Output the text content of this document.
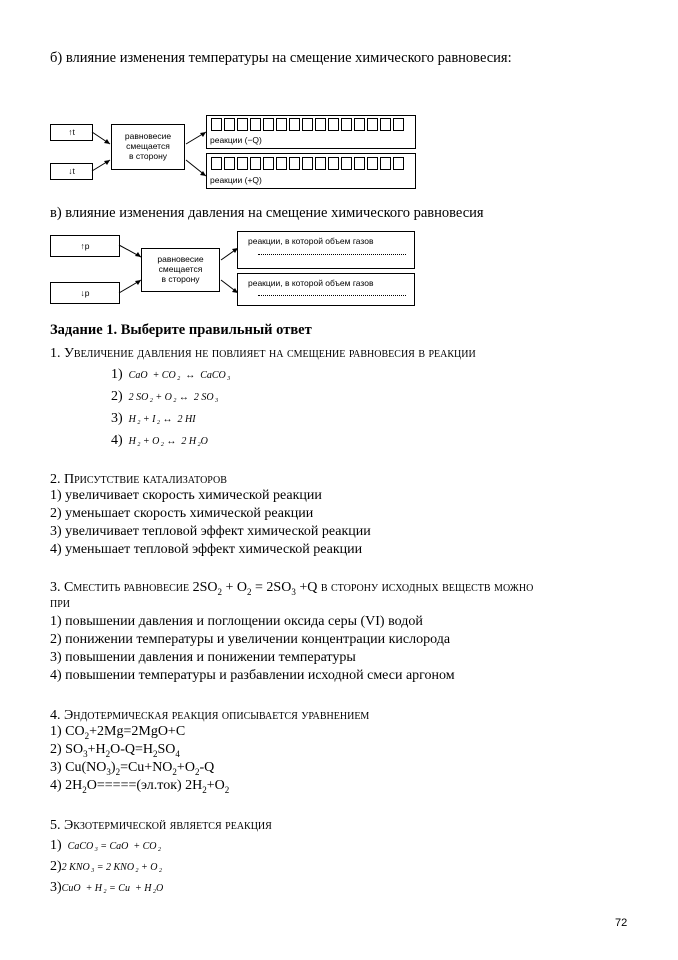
б) влияние изменения температуры на смещение химического равновесия:
↑t
↓t
равновесие
смещается
в сторону
реакции (−Q)
реакции (+Q)
в) влияние изменения давления на смещение химического равновесия
↑p
↓p
равновесие
смещается
в сторону
реакции, в которой объем газов
реакции, в которой объем газов
Задание 1. Выберите правильный ответ
1. Увеличение давления не повлияет на смещение равновесия в реакции
1)  CaO  + CO $_2$  ↔  CaCO $_3$
2)  2 SO $_2$ + O $_2$ ↔  2 SO $_3$
3)  H $_2$ + I $_2$ ↔  2 HI
4)  H $_2$ + O $_2$ ↔  2 H $_2$O
2. Присутствие катализаторов
1) увеличивает скорость химической реакции
2) уменьшает скорость химической реакции
3) увеличивает тепловой эффект химической реакции
4) уменьшает тепловой эффект химической реакции
3. Сместить равновесие $2SO_2 + O_2 = 2SO_3 +Q$ в сторону исходных веществ можно
при
1) повышении давления и поглощении оксида серы (VI) водой
2) понижении температуры и увеличении концентрации кислорода
3) повышении давления и понижении температуры
4) повышении температуры и разбавлении исходной смеси аргоном
4. Эндотермическая реакция описывается уравнением
1) $CO_2+2Mg=2MgO+C$
2) $SO_3+H_2O-Q=H_2SO_4$
3) $Cu(NO_3)_2=Cu+NO_2+O_2-Q$
4) $2H_2O=====(эл.ток)$ $2H_2+O_2$
5. Экзотермической является реакция
1)  CaCO $_3$ = CaO  + CO $_2$
2)2 KNO $_3$ = 2 KNO $_2$ + O $_2$
3)CuO  + H $_2$ = Cu  + H $_2$O
72
